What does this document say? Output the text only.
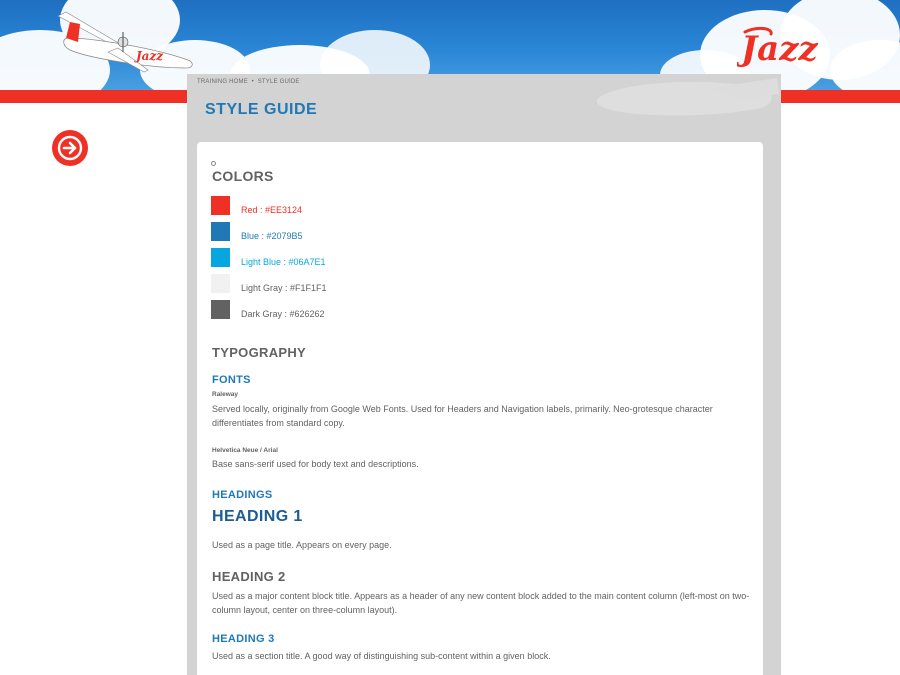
Jazz	Jazz
TRAINING HOME • STYLE GUIDE
STYLE GUIDE
COLORS
Red : #EE3124
Blue : #2079B5
Light Blue : #06A7E1
Light Gray : #F1F1F1
Dark Gray : #626262
TYPOGRAPHY
FONTS
Raleway
Served locally, originally from Google Web Fonts. Used for Headers and Navigation labels, primarily. Neo-grotesque character differentiates from standard copy.
Helvetica Neue / Arial
Base sans-serif used for body text and descriptions.
HEADINGS
HEADING 1
Used as a page title. Appears on every page.
HEADING 2
Used as a major content block title. Appears as a header of any new content block added to the main content column (left-most on two-column layout, center on three-column layout).
HEADING 3
Used as a section title. A good way of distinguishing sub-content within a given block.
